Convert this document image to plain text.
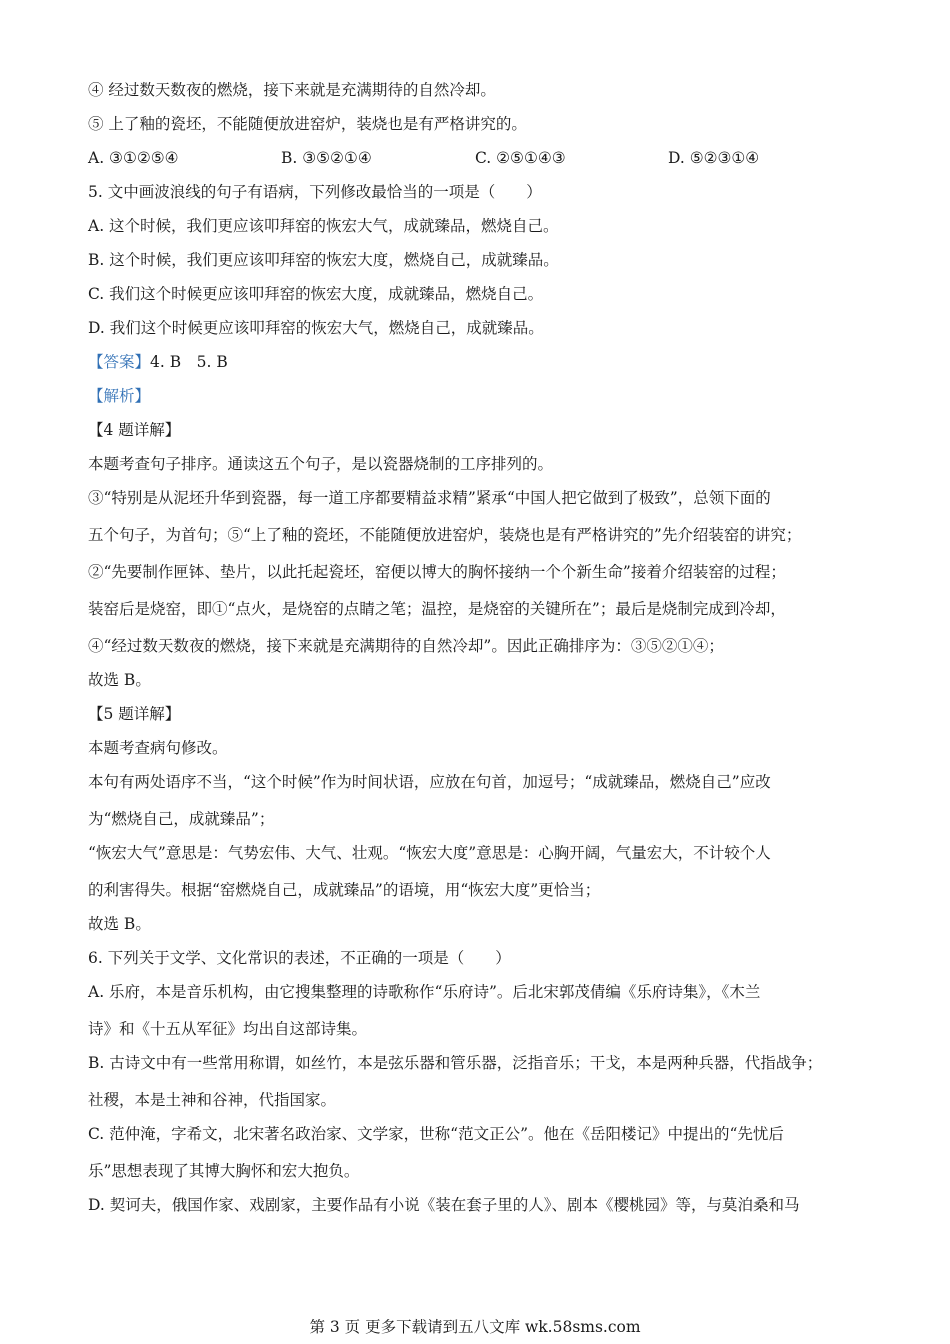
④ 经过数天数夜的燃烧，接下来就是充满期待的自然冷却。
⑤ 上了釉的瓷坯，不能随便放进窑炉，装烧也是有严格讲究的。
A. ③①②⑤④	B. ③⑤②①④	C. ②⑤①④③	D. ⑤②③①④
5. 文中画波浪线的句子有语病，下列修改最恰当的一项是（　　）
A. 这个时候，我们更应该叩拜窑的恢宏大气，成就臻品，燃烧自己。
B. 这个时候，我们更应该叩拜窑的恢宏大度，燃烧自己，成就臻品。
C. 我们这个时候更应该叩拜窑的恢宏大度，成就臻品，燃烧自己。
D. 我们这个时候更应该叩拜窑的恢宏大气，燃烧自己，成就臻品。
【答案】4. B　5. B
【解析】
【4 题详解】
本题考查句子排序。通读这五个句子，是以瓷器烧制的工序排列的。
③“特别是从泥坯升华到瓷器，每一道工序都要精益求精”紧承“中国人把它做到了极致”，总领下面的
五个句子，为首句；⑤“上了釉的瓷坯，不能随便放进窑炉，装烧也是有严格讲究的”先介绍装窑的讲究；
②“先要制作匣钵、垫片，以此托起瓷坯，窑便以博大的胸怀接纳一个个新生命”接着介绍装窑的过程；
装窑后是烧窑，即①“点火，是烧窑的点睛之笔；温控，是烧窑的关键所在”；最后是烧制完成到冷却，
④“经过数天数夜的燃烧，接下来就是充满期待的自然冷却”。因此正确排序为：③⑤②①④；
故选 B。
【5 题详解】
本题考查病句修改。
本句有两处语序不当，“这个时候”作为时间状语，应放在句首，加逗号；“成就臻品，燃烧自己”应改
为“燃烧自己，成就臻品”；
“恢宏大气”意思是：气势宏伟、大气、壮观。“恢宏大度”意思是：心胸开阔，气量宏大，不计较个人
的利害得失。根据“窑燃烧自己，成就臻品”的语境，用“恢宏大度”更恰当；
故选 B。
6. 下列关于文学、文化常识的表述，不正确的一项是（　　）
A. 乐府，本是音乐机构，由它搜集整理的诗歌称作“乐府诗”。后北宋郭茂倩编《乐府诗集》，《木兰
诗》和《十五从军征》均出自这部诗集。
B. 古诗文中有一些常用称谓，如丝竹，本是弦乐器和管乐器，泛指音乐；干戈，本是两种兵器，代指战争；
社稷，本是土神和谷神，代指国家。
C. 范仲淹，字希文，北宋著名政治家、文学家，世称“范文正公”。他在《岳阳楼记》中提出的“先忧后
乐”思想表现了其博大胸怀和宏大抱负。
D. 契诃夫，俄国作家、戏剧家，主要作品有小说《装在套子里的人》、剧本《樱桃园》等，与莫泊桑和马
第 3 页 更多下载请到五八文库 wk.58sms.com
